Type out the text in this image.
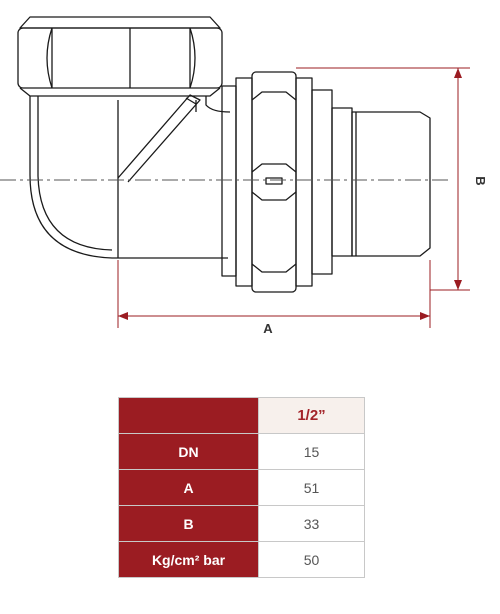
A
B
	1/2”
DN	15
A	51
B	33
Kg/cm² bar	50
